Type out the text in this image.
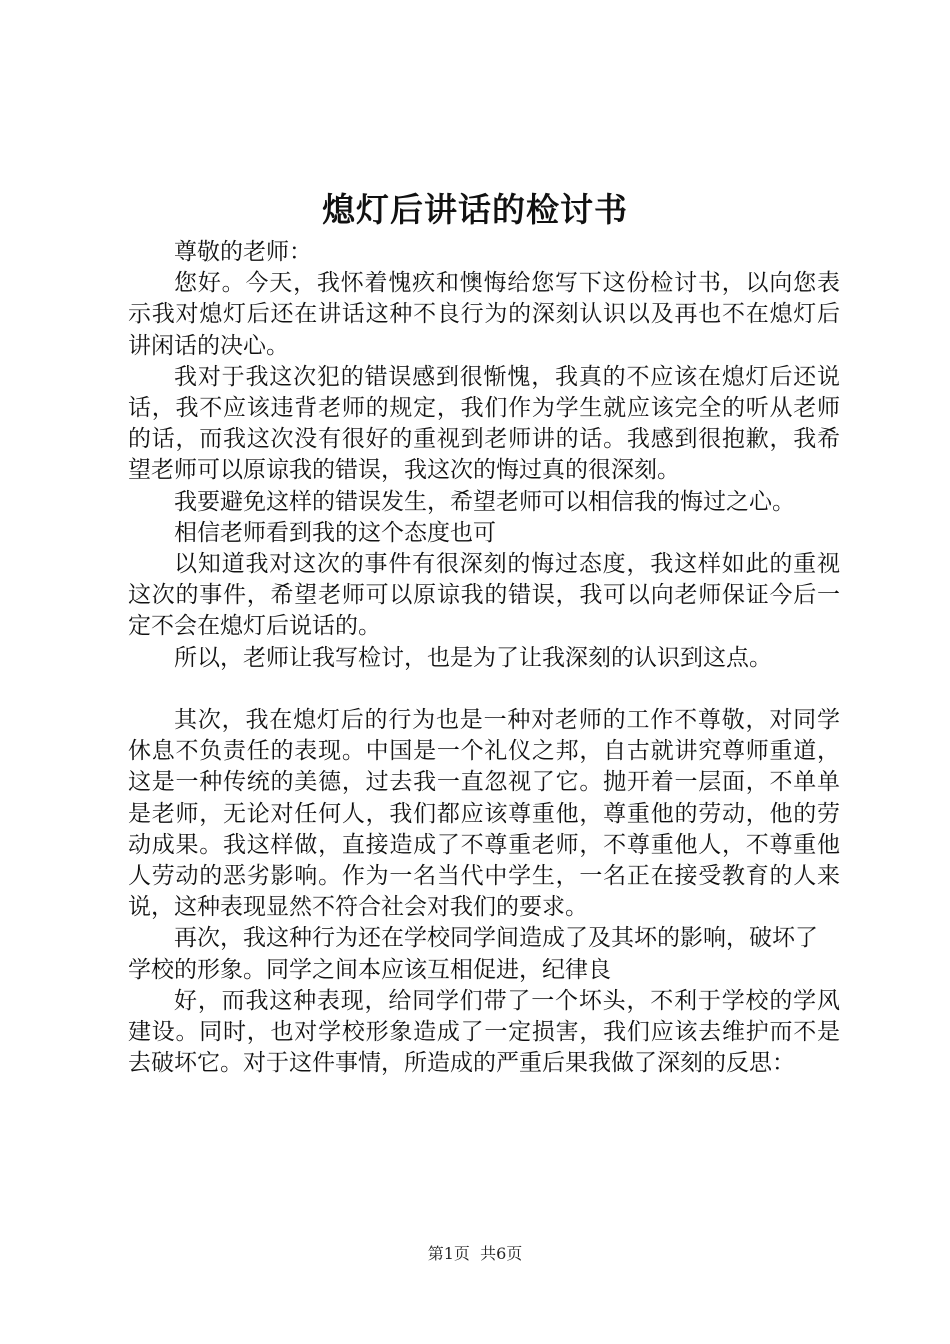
熄灯后讲话的检讨书

尊敬的老师：

您好。今天，我怀着愧疚和懊悔给您写下这份检讨书，以向您表示我对熄灯后还在讲话这种不良行为的深刻认识以及再也不在熄灯后讲闲话的决心。

我对于我这次犯的错误感到很惭愧，我真的不应该在熄灯后还说话，我不应该违背老师的规定，我们作为学生就应该完全的听从老师的话，而我这次没有很好的重视到老师讲的话。我感到很抱歉，我希望老师可以原谅我的错误，我这次的悔过真的很深刻。

我要避免这样的错误发生，希望老师可以相信我的悔过之心。

相信老师看到我的这个态度也可

以知道我对这次的事件有很深刻的悔过态度，我这样如此的重视这次的事件，希望老师可以原谅我的错误，我可以向老师保证今后一定不会在熄灯后说话的。

所以，老师让我写检讨，也是为了让我深刻的认识到这点。

其次，我在熄灯后的行为也是一种对老师的工作不尊敬，对同学休息不负责任的表现。中国是一个礼仪之邦，自古就讲究尊师重道，这是一种传统的美德，过去我一直忽视了它。抛开着一层面，不单单是老师，无论对任何人，我们都应该尊重他，尊重他的劳动，他的劳动成果。我这样做，直接造成了不尊重老师，不尊重他人，不尊重他人劳动的恶劣影响。作为一名当代中学生，一名正在接受教育的人来说，这种表现显然不符合社会对我们的要求。

再次，我这种行为还在学校同学间造成了及其坏的影响，破坏了学校的形象。同学之间本应该互相促进，纪律良

好，而我这种表现，给同学们带了一个坏头，不利于学校的学风建设。同时，也对学校形象造成了一定损害，我们应该去维护而不是去破坏它。对于这件事情，所造成的严重后果我做了深刻的反思：

第1页  共6页
